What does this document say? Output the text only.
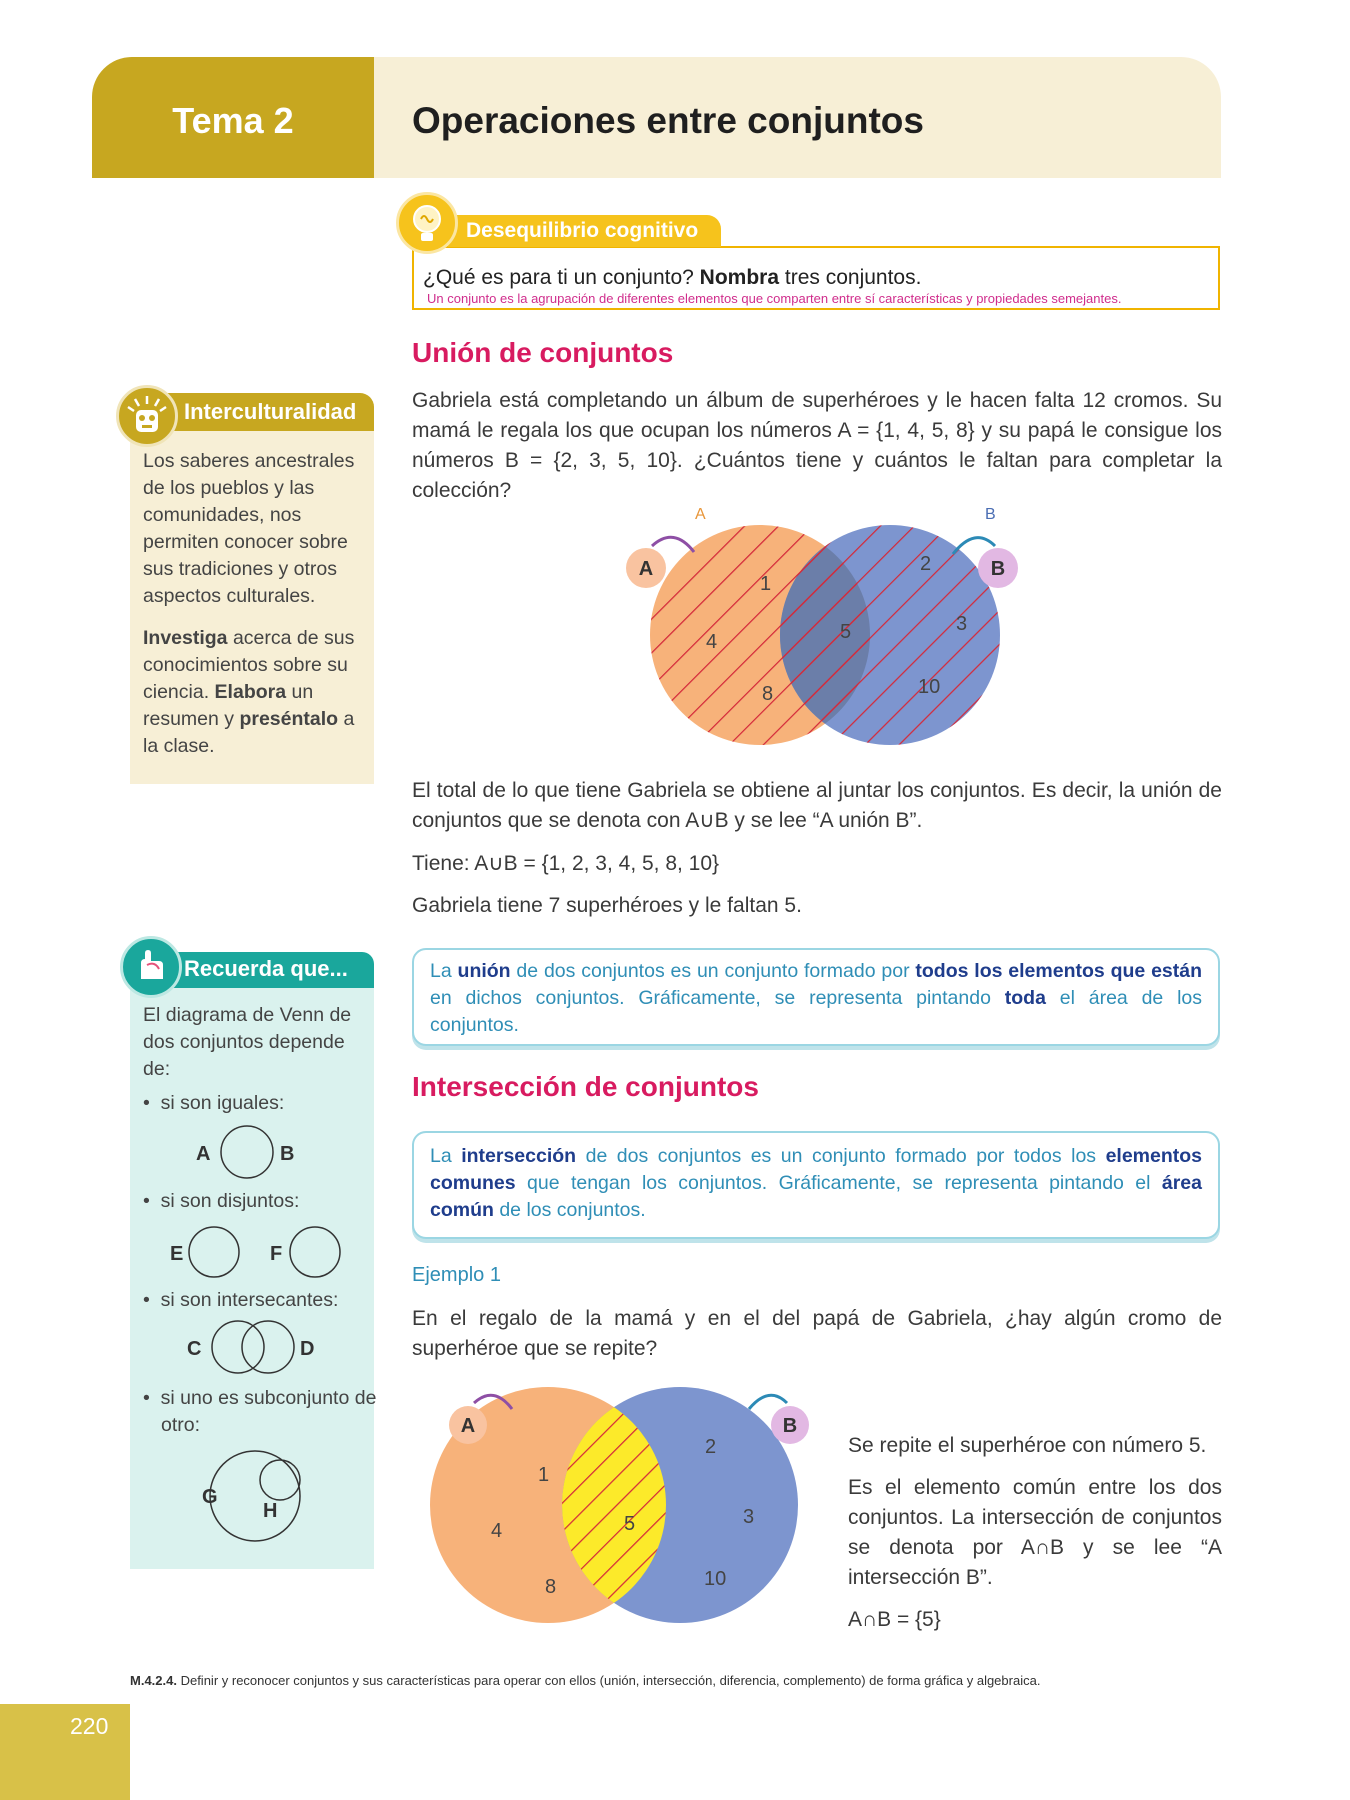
Tema 2	Operaciones entre conjuntos
Desequilibrio cognitivo
¿Qué es para ti un conjunto? Nombra tres conjuntos.
Un conjunto es la agrupación de diferentes elementos que comparten entre sí características y propiedades semejantes.
Unión de conjuntos
Gabriela está completando un álbum de superhéroes y le hacen falta 12 cromos. Su mamá le regala los que ocupan los números A = {1, 4, 5, 8} y su papá le consigue los números B = {2, 3, 5, 10}. ¿Cuántos tiene y cuántos le faltan para completar la colección?
A	B
A	B
1
4
8
5
2
3
10
El total de lo que tiene Gabriela se obtiene al juntar los conjuntos. Es decir, la unión de conjuntos que se denota con A∪B y se lee “A unión B”.
Tiene: A∪B = {1, 2, 3, 4, 5, 8, 10}
Gabriela tiene 7 superhéroes y le faltan 5.
La unión de dos conjuntos es un conjunto formado por todos los elementos que están en dichos conjuntos. Gráficamente, se representa pintando toda el área de los conjuntos.
Intersección de conjuntos
La intersección de dos conjuntos es un conjunto formado por todos los elementos comunes que tengan los conjuntos. Gráficamente, se representa pintando el área común de los conjuntos.
Ejemplo 1
En el regalo de la mamá y en el del papá de Gabriela, ¿hay algún cromo de superhéroe que se repite?
A	B
1
4
8
5
2
3
10
Se repite el superhéroe con número 5.
Es el elemento común entre los dos conjuntos. La intersección de conjuntos se denota por A∩B y se lee “A intersección B”.
A∩B = {5}
Interculturalidad
Los saberes ancestrales de los pueblos y las comunidades, nos permiten conocer sobre sus tradiciones y otros aspectos culturales.
Investiga acerca de sus conocimientos sobre su ciencia. Elabora un resumen y preséntalo a la clase.
Recuerda que...
El diagrama de Venn de dos conjuntos depende de:
•  si son iguales:
•  si son disjuntos:
•  si son intersecantes:
•  si uno es subconjunto de otro:
A	B
E	F
C	D
G
H
M.4.2.4. Definir y reconocer conjuntos y sus características para operar con ellos (unión, intersección, diferencia, complemento) de forma gráfica y algebraica.
220
